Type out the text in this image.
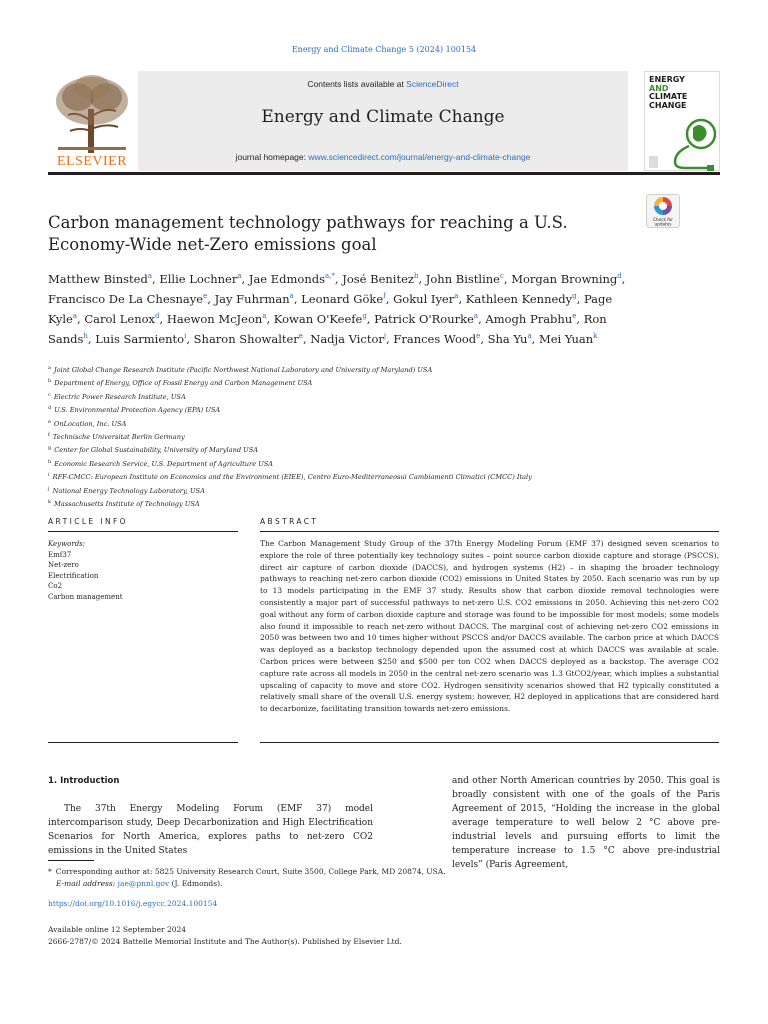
Energy and Climate Change 5 (2024) 100154
ELSEVIER
Contents lists available at ScienceDirect
Energy and Climate Change
journal homepage: www.sciencedirect.com/journal/energy-and-climate-change
ENERGY
AND
CLIMATE
CHANGE
Check for
updates
Carbon management technology pathways for reaching a U.S.
Economy-Wide net-Zero emissions goal
Matthew Binsted$^a$, Ellie Lochner$^a$, Jae Edmonds$^{a,*}$, José Benitez$^b$, John Bistline$^c$, Morgan Browning$^d$, Francisco De La Chesnaye$^e$, Jay Fuhrman$^a$, Leonard Göke$^f$, Gokul Iyer$^a$, Kathleen Kennedy$^g$, Page Kyle$^a$, Carol Lenox$^d$, Haewon McJeon$^a$, Kowan O'Keefe$^g$, Patrick O'Rourke$^a$, Amogh Prabhu$^e$, Ron Sands$^h$, Luis Sarmiento$^i$, Sharon Showalter$^e$, Nadja Victor$^j$, Frances Wood$^e$, Sha Yu$^a$, Mei Yuan$^k$
$^a$ Joint Global Change Research Institute (Pacific Northwest National Laboratory and University of Maryland) USA
$^b$ Department of Energy, Office of Fossil Energy and Carbon Management USA
$^c$ Electric Power Research Institute, USA
$^d$ U.S. Environmental Protection Agency (EPA) USA
$^e$ OnLocation, Inc. USA
$^f$ Technische Universitat Berlin Germany
$^g$ Center for Global Sustainability, University of Maryland USA
$^h$ Economic Research Service, U.S. Department of Agriculture USA
$^i$ RFF-CMCC: European Institute on Economics and the Environment (EIEE), Centro Euro-Mediterraneosui Cambiamenti Climatici (CMCC) Italy
$^j$ National Energy Technology Laboratory, USA
$^k$ Massachusetts Institute of Technology USA
ARTICLE INFO	ABSTRACT
Keywords:
Emf37
Net-zero
Electrification
Co2
Carbon management
The Carbon Management Study Group of the 37th Energy Modeling Forum (EMF 37) designed seven scenarios to explore the role of three potentially key technology suites – point source carbon dioxide capture and storage (PSCCS), direct air capture of carbon dioxide (DACCS), and hydrogen systems (H2) – in shaping the broader technology pathways to reaching net-zero carbon dioxide (CO2) emissions in United States by 2050. Each scenario was run by up to 13 models participating in the EMF 37 study. Results show that carbon dioxide removal technologies were consistently a major part of successful pathways to net-zero U.S. CO2 emissions in 2050. Achieving this net-zero CO2 goal without any form of carbon dioxide capture and storage was found to be impossible for most models; some models also found it impossible to reach net-zero without DACCS. The marginal cost of achieving net-zero CO2 emissions in 2050 was between two and 10 times higher without PSCCS and/or DACCS available. The carbon price at which DACCS was deployed as a backstop technology depended upon the assumed cost at which DACCS was available at scale. Carbon prices were between $250 and $500 per ton CO2 when DACCS deployed as a backstop. The average CO2 capture rate across all models in 2050 in the central net-zero scenario was 1.3 GtCO2/year, which implies a substantial upscaling of capacity to move and store CO2. Hydrogen sensitivity scenarios showed that H2 typically constituted a relatively small share of the overall U.S. energy system; however, H2 deployed in applications that are considered hard to decarbonize, facilitating transition towards net-zero emissions.
1. Introduction
The 37th Energy Modeling Forum (EMF 37) model intercomparison study, Deep Decarbonization and High Electrification Scenarios for North America, explores paths to net-zero CO2 emissions in the United States
and other North American countries by 2050. This goal is broadly consistent with one of the goals of the Paris Agreement of 2015, “Holding the increase in the global average temperature to well below 2 °C above pre-industrial levels and pursuing efforts to limit the temperature increase to 1.5 °C above pre-industrial levels” (Paris Agreement,
* Corresponding author at: 5825 University Research Court, Suite 3500, College Park, MD 20874, USA.
E-mail address: jae@pnnl.gov (J. Edmonds).
https://doi.org/10.1016/j.egycc.2024.100154
Available online 12 September 2024
2666-2787/© 2024 Battelle Memorial Institute and The Author(s). Published by Elsevier Ltd.
